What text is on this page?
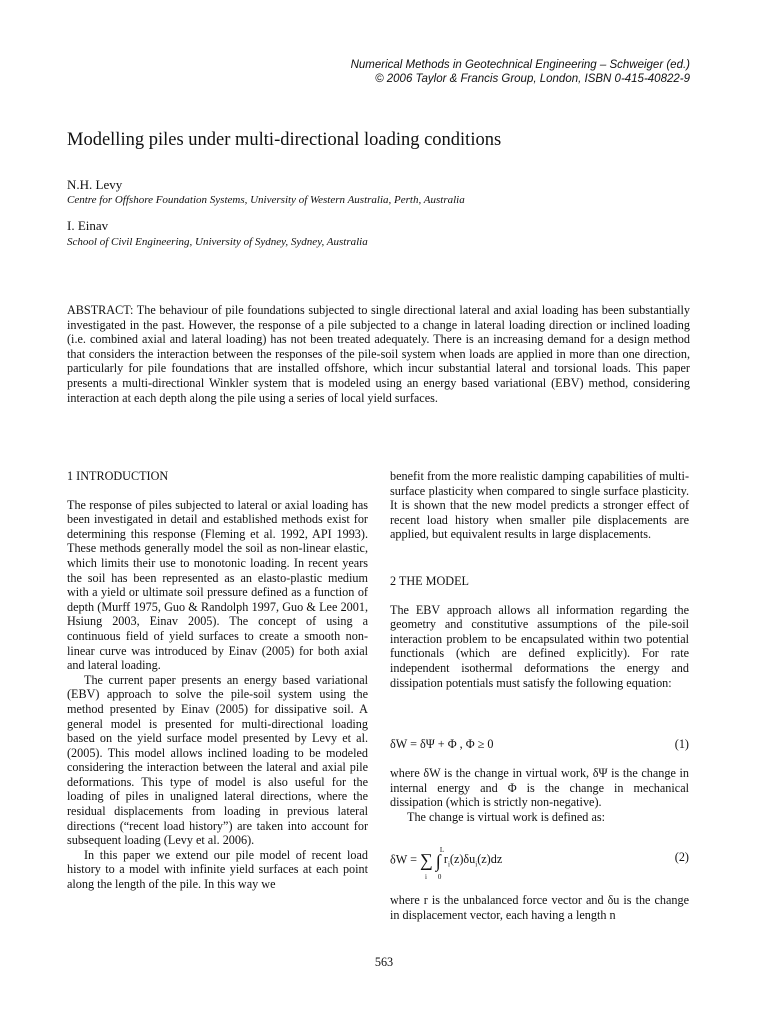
Numerical Methods in Geotechnical Engineering – Schweiger (ed.)
© 2006 Taylor & Francis Group, London, ISBN 0-415-40822-9
Modelling piles under multi-directional loading conditions
N.H. Levy
Centre for Offshore Foundation Systems, University of Western Australia, Perth, Australia
I. Einav
School of Civil Engineering, University of Sydney, Sydney, Australia
ABSTRACT: The behaviour of pile foundations subjected to single directional lateral and axial loading has been substantially investigated in the past. However, the response of a pile subjected to a change in lateral loading direction or inclined loading (i.e. combined axial and lateral loading) has not been treated adequately. There is an increasing demand for a design method that considers the interaction between the responses of the pile-soil system when loads are applied in more than one direction, particularly for pile foundations that are installed offshore, which incur substantial lateral and torsional loads. This paper presents a multi-directional Winkler system that is modeled using an energy based variational (EBV) method, considering interaction at each depth along the pile using a series of local yield surfaces.

1 INTRODUCTION

The response of piles subjected to lateral or axial loading has been investigated in detail and established methods exist for determining this response (Fleming et al. 1992, API 1993). These methods generally model the soil as non-linear elastic, which limits their use to monotonic loading. In recent years the soil has been represented as an elasto-plastic medium with a yield or ultimate soil pressure defined as a function of depth (Murff 1975, Guo & Randolph 1997, Guo & Lee 2001, Hsiung 2003, Einav 2005). The concept of using a continuous field of yield surfaces to create a smooth non-linear curve was introduced by Einav (2005) for both axial and lateral loading.

The current paper presents an energy based variational (EBV) approach to solve the pile-soil system using the method presented by Einav (2005) for dissipative soil. A general model is presented for multi-directional loading based on the yield surface model presented by Levy et al. (2005). This model allows inclined loading to be modeled considering the interaction between the lateral and axial pile deformations. This type of model is also useful for the loading of piles in unaligned lateral directions, where the residual displacements from loading in previous lateral directions (“recent load history”) are taken into account for subsequent loading (Levy et al. 2006).

In this paper we extend our pile model of recent load history to a model with infinite yield surfaces at each point along the length of the pile. In this way we

benefit from the more realistic damping capabilities of multi-surface plasticity when compared to single surface plasticity. It is shown that the new model predicts a stronger effect of recent load history when smaller pile displacements are applied, but equivalent results in large displacements.

2 THE MODEL

The EBV approach allows all information regarding the geometry and constitutive assumptions of the pile-soil interaction problem to be encapsulated within two potential functionals (which are defined explicitly). For rate independent isothermal deformations the energy and dissipation potentials must satisfy the following equation:

δW = δΨ + Φ , Φ ≥ 0	(1)

where δW is the change in virtual work, δΨ is the change in internal energy and Φ is the change in mechanical dissipation (which is strictly non-negative).

The change is virtual work is defined as:

δW = ∑
i
∫
L
0
$r_i(z)\delta u_i(z)dz$	(2)

where r is the unbalanced force vector and δu is the change in displacement vector, each having a length n

563
